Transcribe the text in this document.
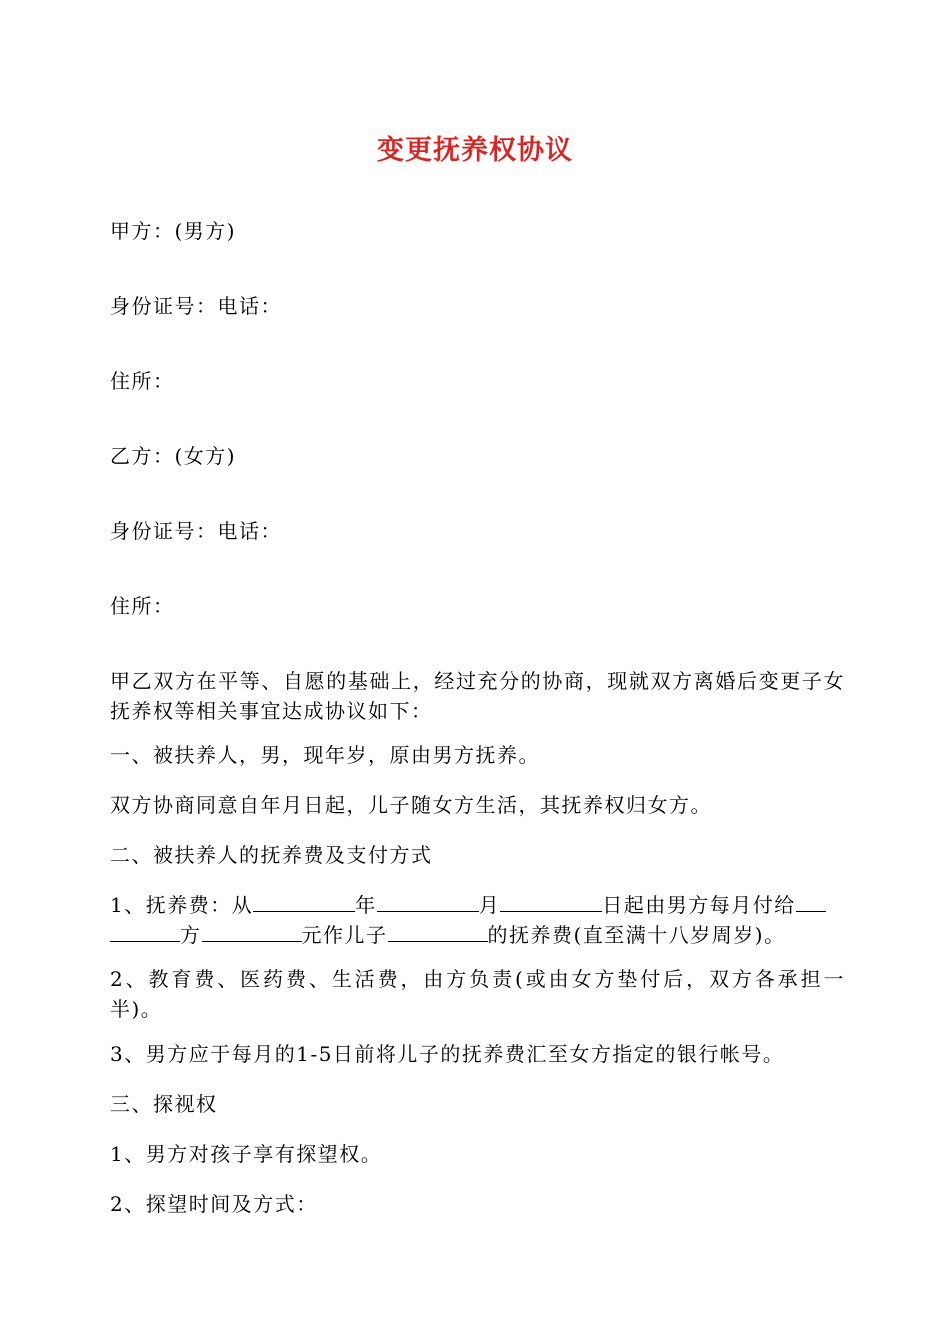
变更抚养权协议
甲方：(男方)
身份证号：电话：
住所：
乙方：(女方)
身份证号：电话：
住所：
甲乙双方在平等、自愿的基础上，经过充分的协商，现就双方离婚后变更子女抚养权等相关事宜达成协议如下：
一、被扶养人，男，现年岁，原由男方抚养。
双方协商同意自年月日起，儿子随女方生活，其抚养权归女方。
二、被扶养人的抚养费及支付方式
1、抚养费：从	年	月	日起由男方每月付给
方	元作儿子	的抚养费(直至满十八岁周岁)。
2、教育费、医药费、生活费，由方负责(或由女方垫付后，双方各承担一半)。
3、男方应于每月的1-5日前将儿子的抚养费汇至女方指定的银行帐号。
三、探视权
1、男方对孩子享有探望权。
2、探望时间及方式：
